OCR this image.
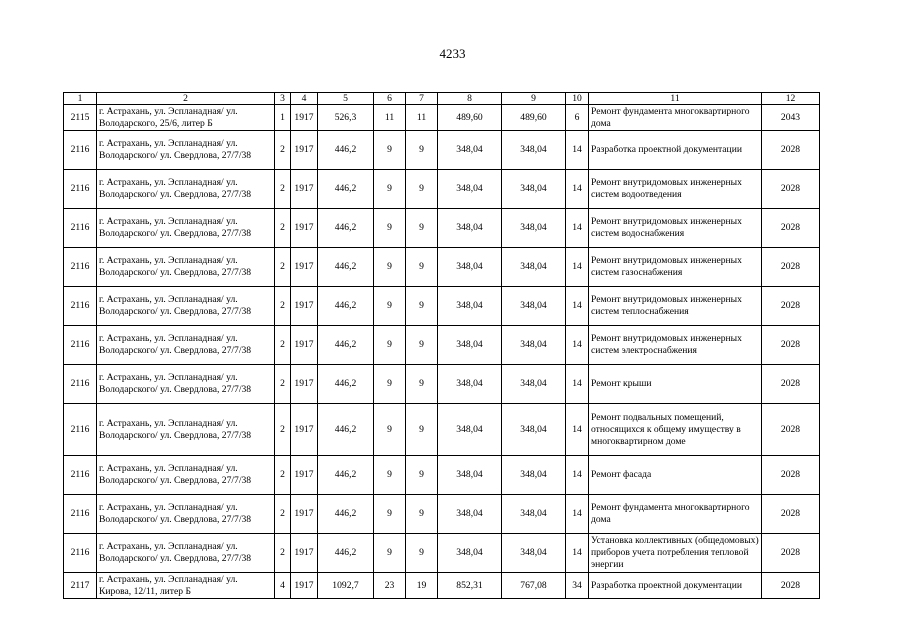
4233
1	2	3	4	5	6	7	8	9	10	11	12
2115	г. Астрахань, ул. Эспланадная/ ул. Володарского, 25/6, литер Б	1	1917	526,3	11	11	489,60	489,60	6	Ремонт фундамента многоквартирного дома	2043
2116	г. Астрахань, ул. Эспланадная/ ул. Володарского/ ул. Свердлова, 27/7/38	2	1917	446,2	9	9	348,04	348,04	14	Разработка проектной документации	2028
2116	г. Астрахань, ул. Эспланадная/ ул. Володарского/ ул. Свердлова, 27/7/38	2	1917	446,2	9	9	348,04	348,04	14	Ремонт внутридомовых инженерных систем водоотведения	2028
2116	г. Астрахань, ул. Эспланадная/ ул. Володарского/ ул. Свердлова, 27/7/38	2	1917	446,2	9	9	348,04	348,04	14	Ремонт внутридомовых инженерных систем водоснабжения	2028
2116	г. Астрахань, ул. Эспланадная/ ул. Володарского/ ул. Свердлова, 27/7/38	2	1917	446,2	9	9	348,04	348,04	14	Ремонт внутридомовых инженерных систем газоснабжения	2028
2116	г. Астрахань, ул. Эспланадная/ ул. Володарского/ ул. Свердлова, 27/7/38	2	1917	446,2	9	9	348,04	348,04	14	Ремонт внутридомовых инженерных систем теплоснабжения	2028
2116	г. Астрахань, ул. Эспланадная/ ул. Володарского/ ул. Свердлова, 27/7/38	2	1917	446,2	9	9	348,04	348,04	14	Ремонт внутридомовых инженерных систем электроснабжения	2028
2116	г. Астрахань, ул. Эспланадная/ ул. Володарского/ ул. Свердлова, 27/7/38	2	1917	446,2	9	9	348,04	348,04	14	Ремонт крыши	2028
2116	г. Астрахань, ул. Эспланадная/ ул. Володарского/ ул. Свердлова, 27/7/38	2	1917	446,2	9	9	348,04	348,04	14	Ремонт подвальных помещений, относящихся к общему имуществу в многоквартирном доме	2028
2116	г. Астрахань, ул. Эспланадная/ ул. Володарского/ ул. Свердлова, 27/7/38	2	1917	446,2	9	9	348,04	348,04	14	Ремонт фасада	2028
2116	г. Астрахань, ул. Эспланадная/ ул. Володарского/ ул. Свердлова, 27/7/38	2	1917	446,2	9	9	348,04	348,04	14	Ремонт фундамента многоквартирного дома	2028
2116	г. Астрахань, ул. Эспланадная/ ул. Володарского/ ул. Свердлова, 27/7/38	2	1917	446,2	9	9	348,04	348,04	14	Установка коллективных (общедомовых) приборов учета потребления тепловой энергии	2028
2117	г. Астрахань, ул. Эспланадная/ ул. Кирова, 12/11, литер Б	4	1917	1092,7	23	19	852,31	767,08	34	Разработка проектной документации	2028
